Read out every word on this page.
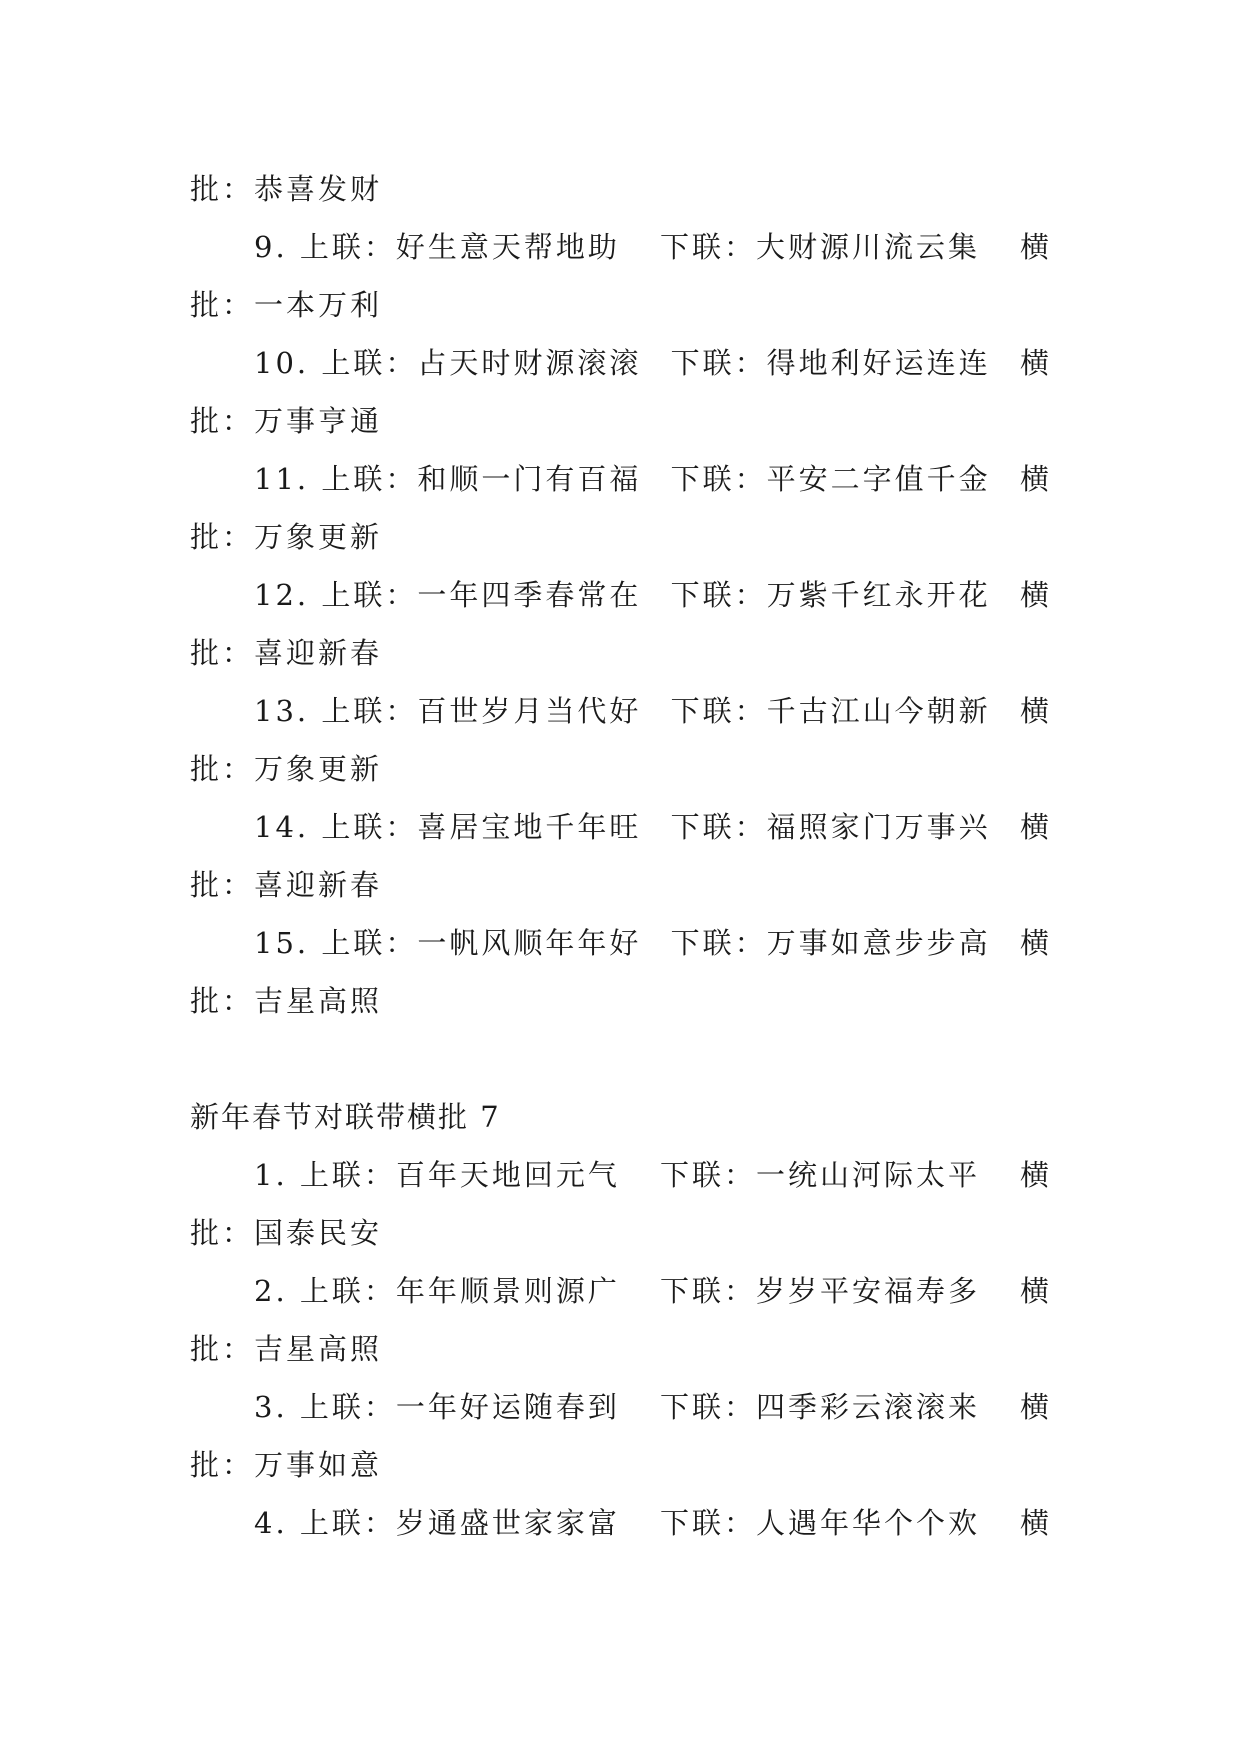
批：恭喜发财
9. 上联：好生意天帮地助 下联：大财源川流云集 横
批：一本万利
10. 上联：占天时财源滚滚 下联：得地利好运连连 横
批：万事亨通
11. 上联：和顺一门有百福 下联：平安二字值千金 横
批：万象更新
12. 上联：一年四季春常在 下联：万紫千红永开花 横
批：喜迎新春
13. 上联：百世岁月当代好 下联：千古江山今朝新 横
批：万象更新
14. 上联：喜居宝地千年旺 下联：福照家门万事兴 横
批：喜迎新春
15. 上联：一帆风顺年年好 下联：万事如意步步高 横
批：吉星高照
新年春节对联带横批 7
1. 上联：百年天地回元气 下联：一统山河际太平 横
批：国泰民安
2. 上联：年年顺景则源广 下联：岁岁平安福寿多 横
批：吉星高照
3. 上联：一年好运随春到 下联：四季彩云滚滚来 横
批：万事如意
4. 上联：岁通盛世家家富 下联：人遇年华个个欢 横
